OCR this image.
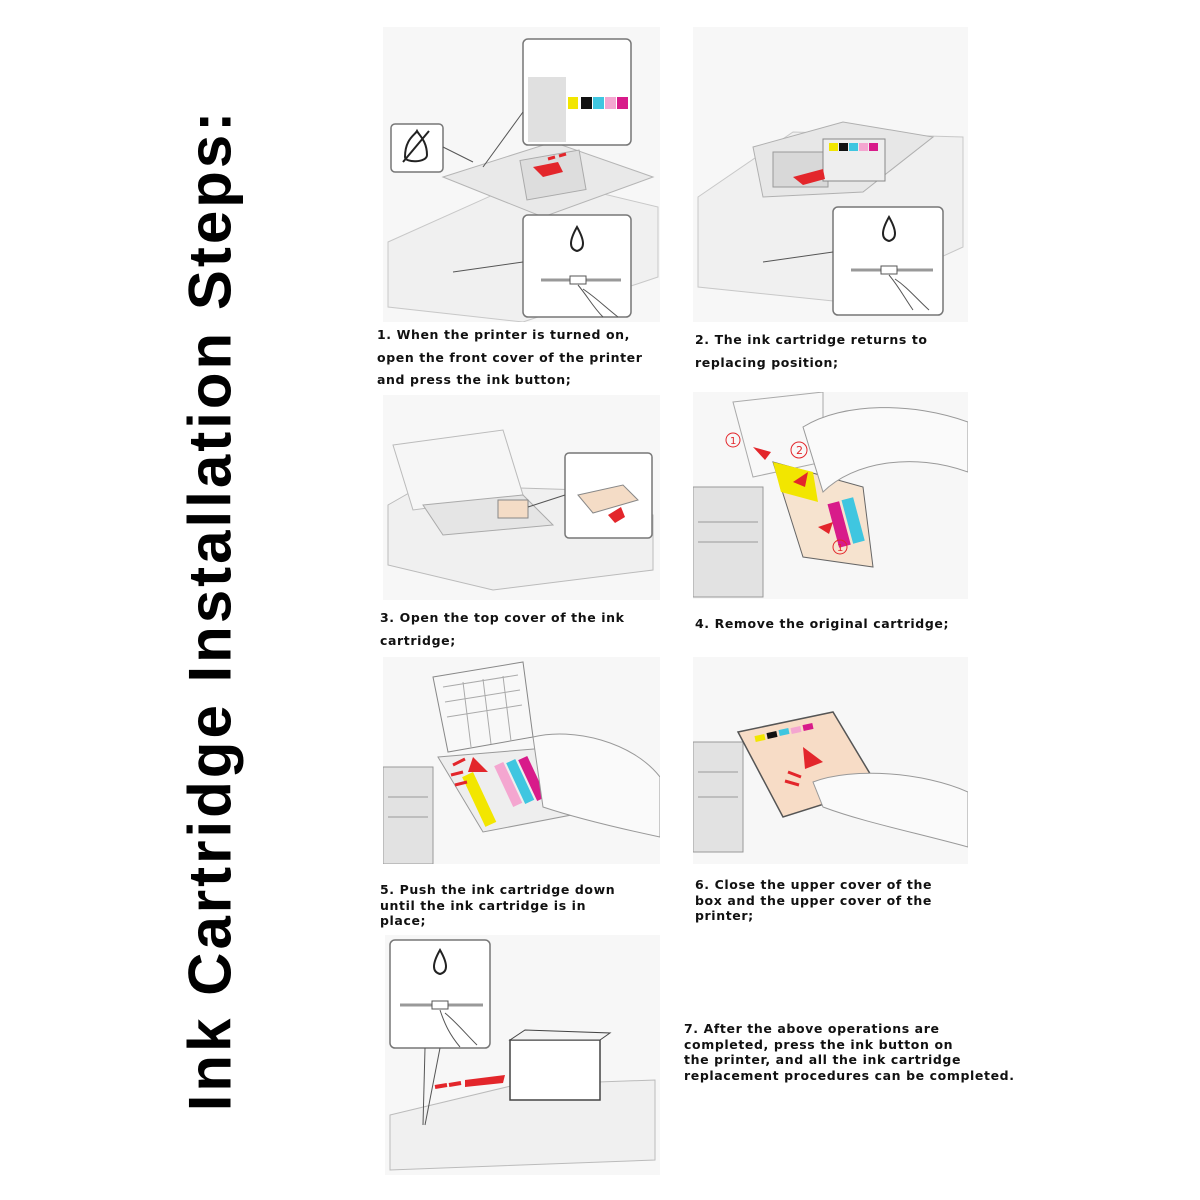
Ink Cartridge Installation Steps:	1. When the printer is turned on,
open the front cover of the printer
and press the ink button;
2. The ink cartridge returns to
replacing position;
3. Open the top cover of the ink
cartridge;
1
2
1
4. Remove the original cartridge;
5. Push the ink cartridge down
until the ink cartridge is in
place;
6. Close the upper cover of the
box and the upper cover of the
printer;
7. After the above operations are
completed, press the ink button on
the printer, and all the ink cartridge
replacement procedures can be completed.
